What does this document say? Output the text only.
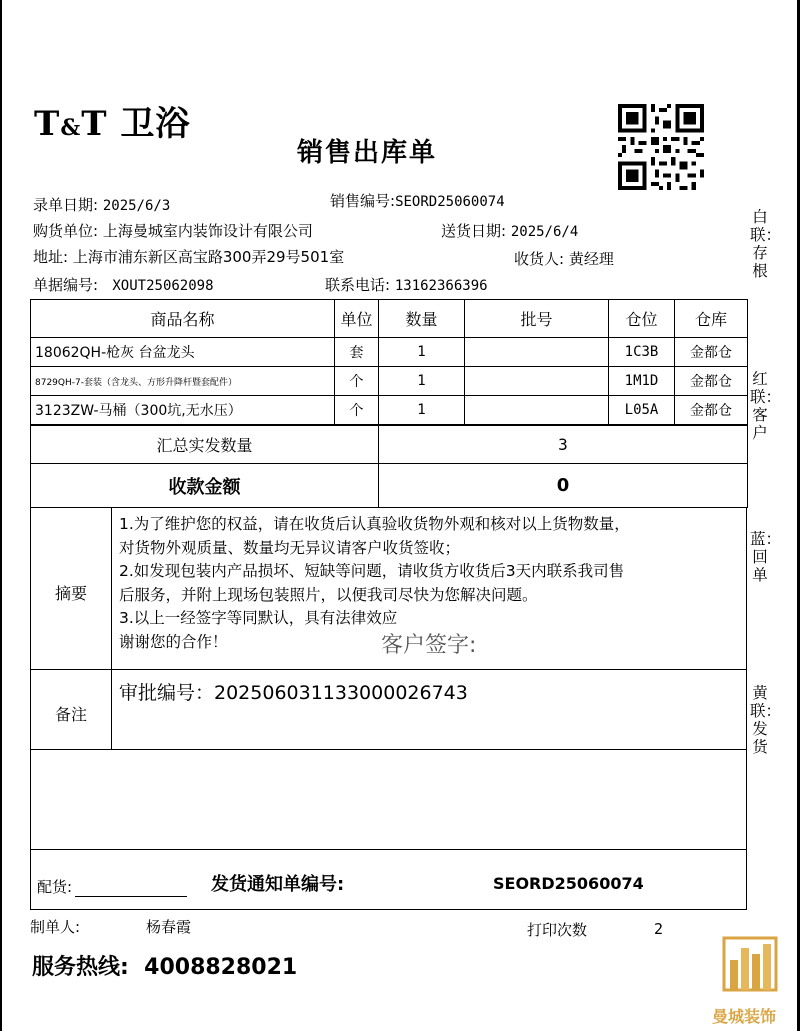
T&T 卫浴
销售出库单
录单日期: 2025/6/3	销售编号:SEORD25060074
购货单位: 上海曼城室内装饰设计有限公司	送货日期: 2025/6/4
地址: 上海市浦东新区高宝路300弄29号501室	收货人: 黄经理
单据编号: XOUT25062098	联系电话: 13162366396
商品名称	单位	数量	批号	仓位	仓库
18062QH-枪灰 台盆龙头	套	1		1C3B	金都仓
8729QH-7-套装（含龙头、方形升降杆暨套配件）	个	1		1M1D	金都仓
3123ZW-马桶（300坑,无水压）	个	1		L05A	金都仓
汇总实发数量	3
收款金额	0
摘要
1.为了维护您的权益，请在收货后认真验收货物外观和核对以上货物数量，
对货物外观质量、数量均无异议请客户收货签收；
2.如发现包装内产品损坏、短缺等问题，请收货方收货后3天内联系我司售
后服务，并附上现场包装照片，以便我司尽快为您解决问题。
3.以上一经签字等同默认，具有法律效应
谢谢您的合作！	客户签字:
备注
审批编号：202506031133000026743
配货:	发货通知单编号:	SEORD25060074
制单人:	杨春霞	打印次数	2
服务热线: 4008828021
白联：存根
红联：客户
蓝：回单
黄联：发货
曼城装饰
